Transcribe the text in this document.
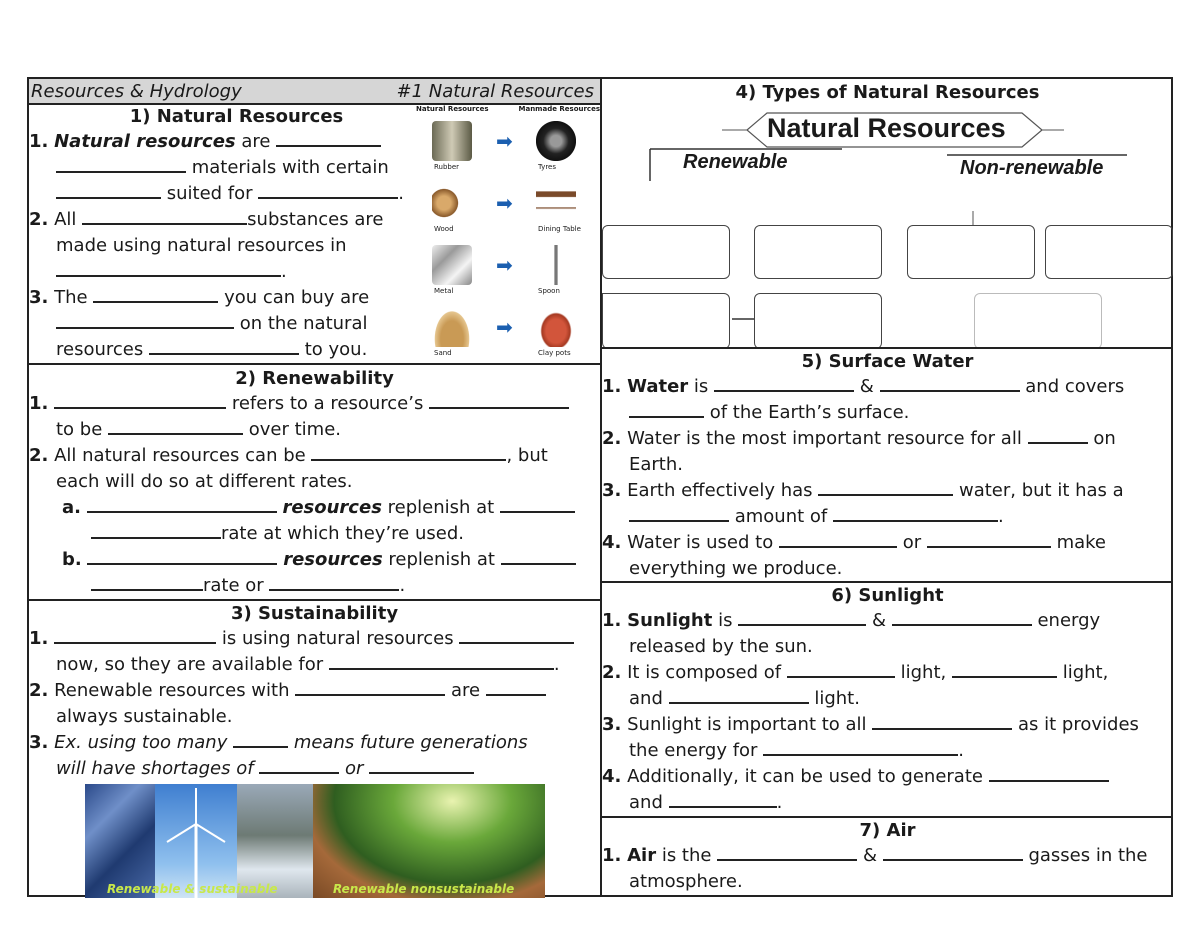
Resources & Hydrology	#1 Natural Resources
1) Natural Resources
1. Natural resources are
materials with certain
suited for	.
2. All	substances are
made using natural resources in
.
3. The	you can buy are
on the natural
resources	to you.
Natural Resources	Manmade Resources
➡
Rubber	Tyres
➡
Wood	Dining Table
➡
Metal	Spoon
➡
Sand	Clay pots
2) Renewability
1.	refers to a resource’s
to be	over time.
2. All natural resources can be	, but
each will do so at different rates.
a.	resources replenish at
rate at which they’re used.
b.	resources replenish at
rate or	.
3) Sustainability
1.	is using natural resources
now, so they are available for	.
2. Renewable resources with	are
always sustainable.
3. Ex. using too many	means future generations
will have shortages of	or
Renewable & sustainable	Renewable nonsustainable
4) Types of Natural Resources
Natural Resources
Renewable	Non-renewable
5) Surface Water
1. Water is	&	and covers
of the Earth’s surface.
2. Water is the most important resource for all	on
Earth.
3. Earth effectively has	water, but it has a
amount of	.
4. Water is used to	or	make
everything we produce.
6) Sunlight
1. Sunlight is	&	energy
released by the sun.
2. It is composed of	light,	light,
and	light.
3. Sunlight is important to all	as it provides
the energy for	.
4. Additionally, it can be used to generate
and	.
7) Air
1. Air is the	&	gasses in the
atmosphere.
